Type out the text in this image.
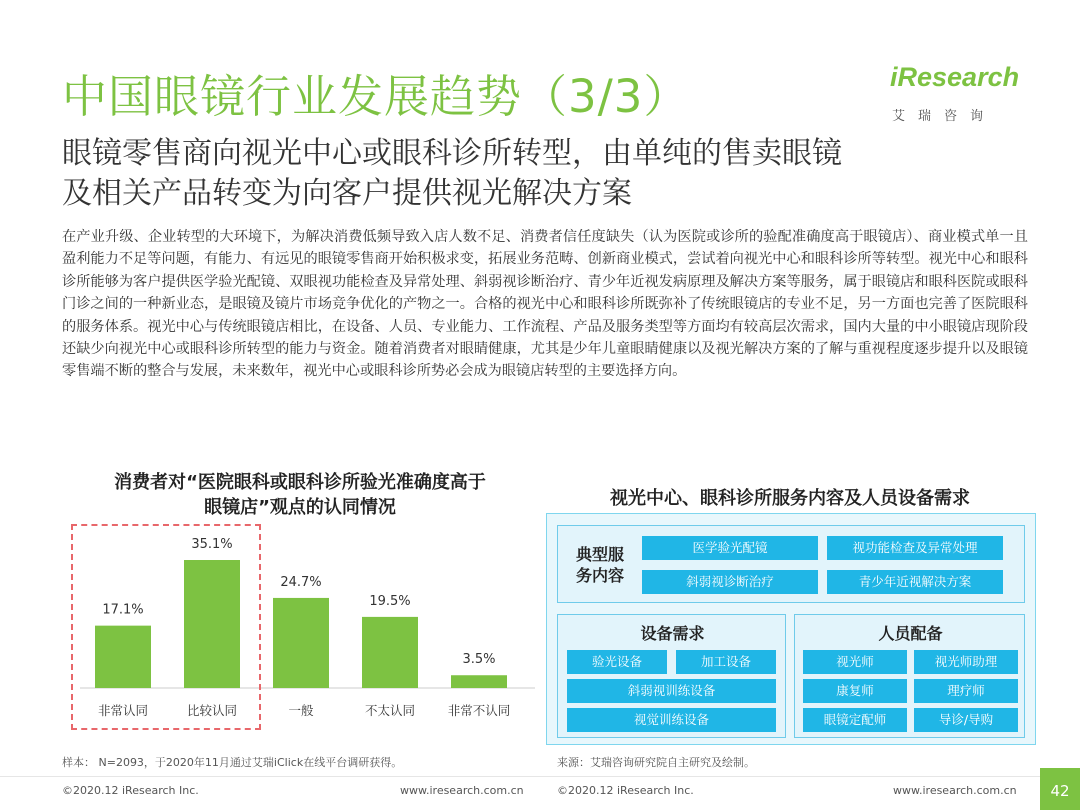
中国眼镜行业发展趋势（3/3）	iResearch
艾瑞咨询
眼镜零售商向视光中心或眼科诊所转型，由单纯的售卖眼镜
及相关产品转变为向客户提供视光解决方案
在产业升级、企业转型的大环境下，为解决消费低频导致入店人数不足、消费者信任度缺失（认为医院或诊所的验配准确度高于眼镜店）、商业模式单一且盈利能力不足等问题，有能力、有远见的眼镜零售商开始积极求变，拓展业务范畴、创新商业模式，尝试着向视光中心和眼科诊所等转型。视光中心和眼科诊所能够为客户提供医学验光配镜、双眼视功能检查及异常处理、斜弱视诊断治疗、青少年近视发病原理及解决方案等服务，属于眼镜店和眼科医院或眼科门诊之间的一种新业态，是眼镜及镜片市场竞争优化的产物之一。合格的视光中心和眼科诊所既弥补了传统眼镜店的专业不足，另一方面也完善了医院眼科的服务体系。视光中心与传统眼镜店相比，在设备、人员、专业能力、工作流程、产品及服务类型等方面均有较高层次需求，国内大量的中小眼镜店现阶段还缺少向视光中心或眼科诊所转型的能力与资金。随着消费者对眼睛健康，尤其是少年儿童眼睛健康以及视光解决方案的了解与重视程度逐步提升以及眼镜零售端不断的整合与发展，未来数年，视光中心或眼科诊所势必会成为眼镜店转型的主要选择方向。
消费者对“医院眼科或眼科诊所验光准确度高于
眼镜店”观点的认同情况
17.1%
非常认同
35.1%
比较认同
24.7%
一般
19.5%
不太认同
3.5%
非常不认同
样本： N=2093，于2020年11月通过艾瑞iClick在线平台调研获得。
视光中心、眼科诊所服务内容及人员设备需求
典型服务内容
医学验光配镜	视功能检查及异常处理
斜弱视诊断治疗	青少年近视解决方案
设备需求
验光设备	加工设备
斜弱视训练设备
视觉训练设备
人员配备
视光师	视光师助理
康复师	理疗师
眼镜定配师	导诊/导购
来源：艾瑞咨询研究院自主研究及绘制。
©2020.12 iResearch Inc.	www.iresearch.com.cn	©2020.12 iResearch Inc.	www.iresearch.com.cn	42
